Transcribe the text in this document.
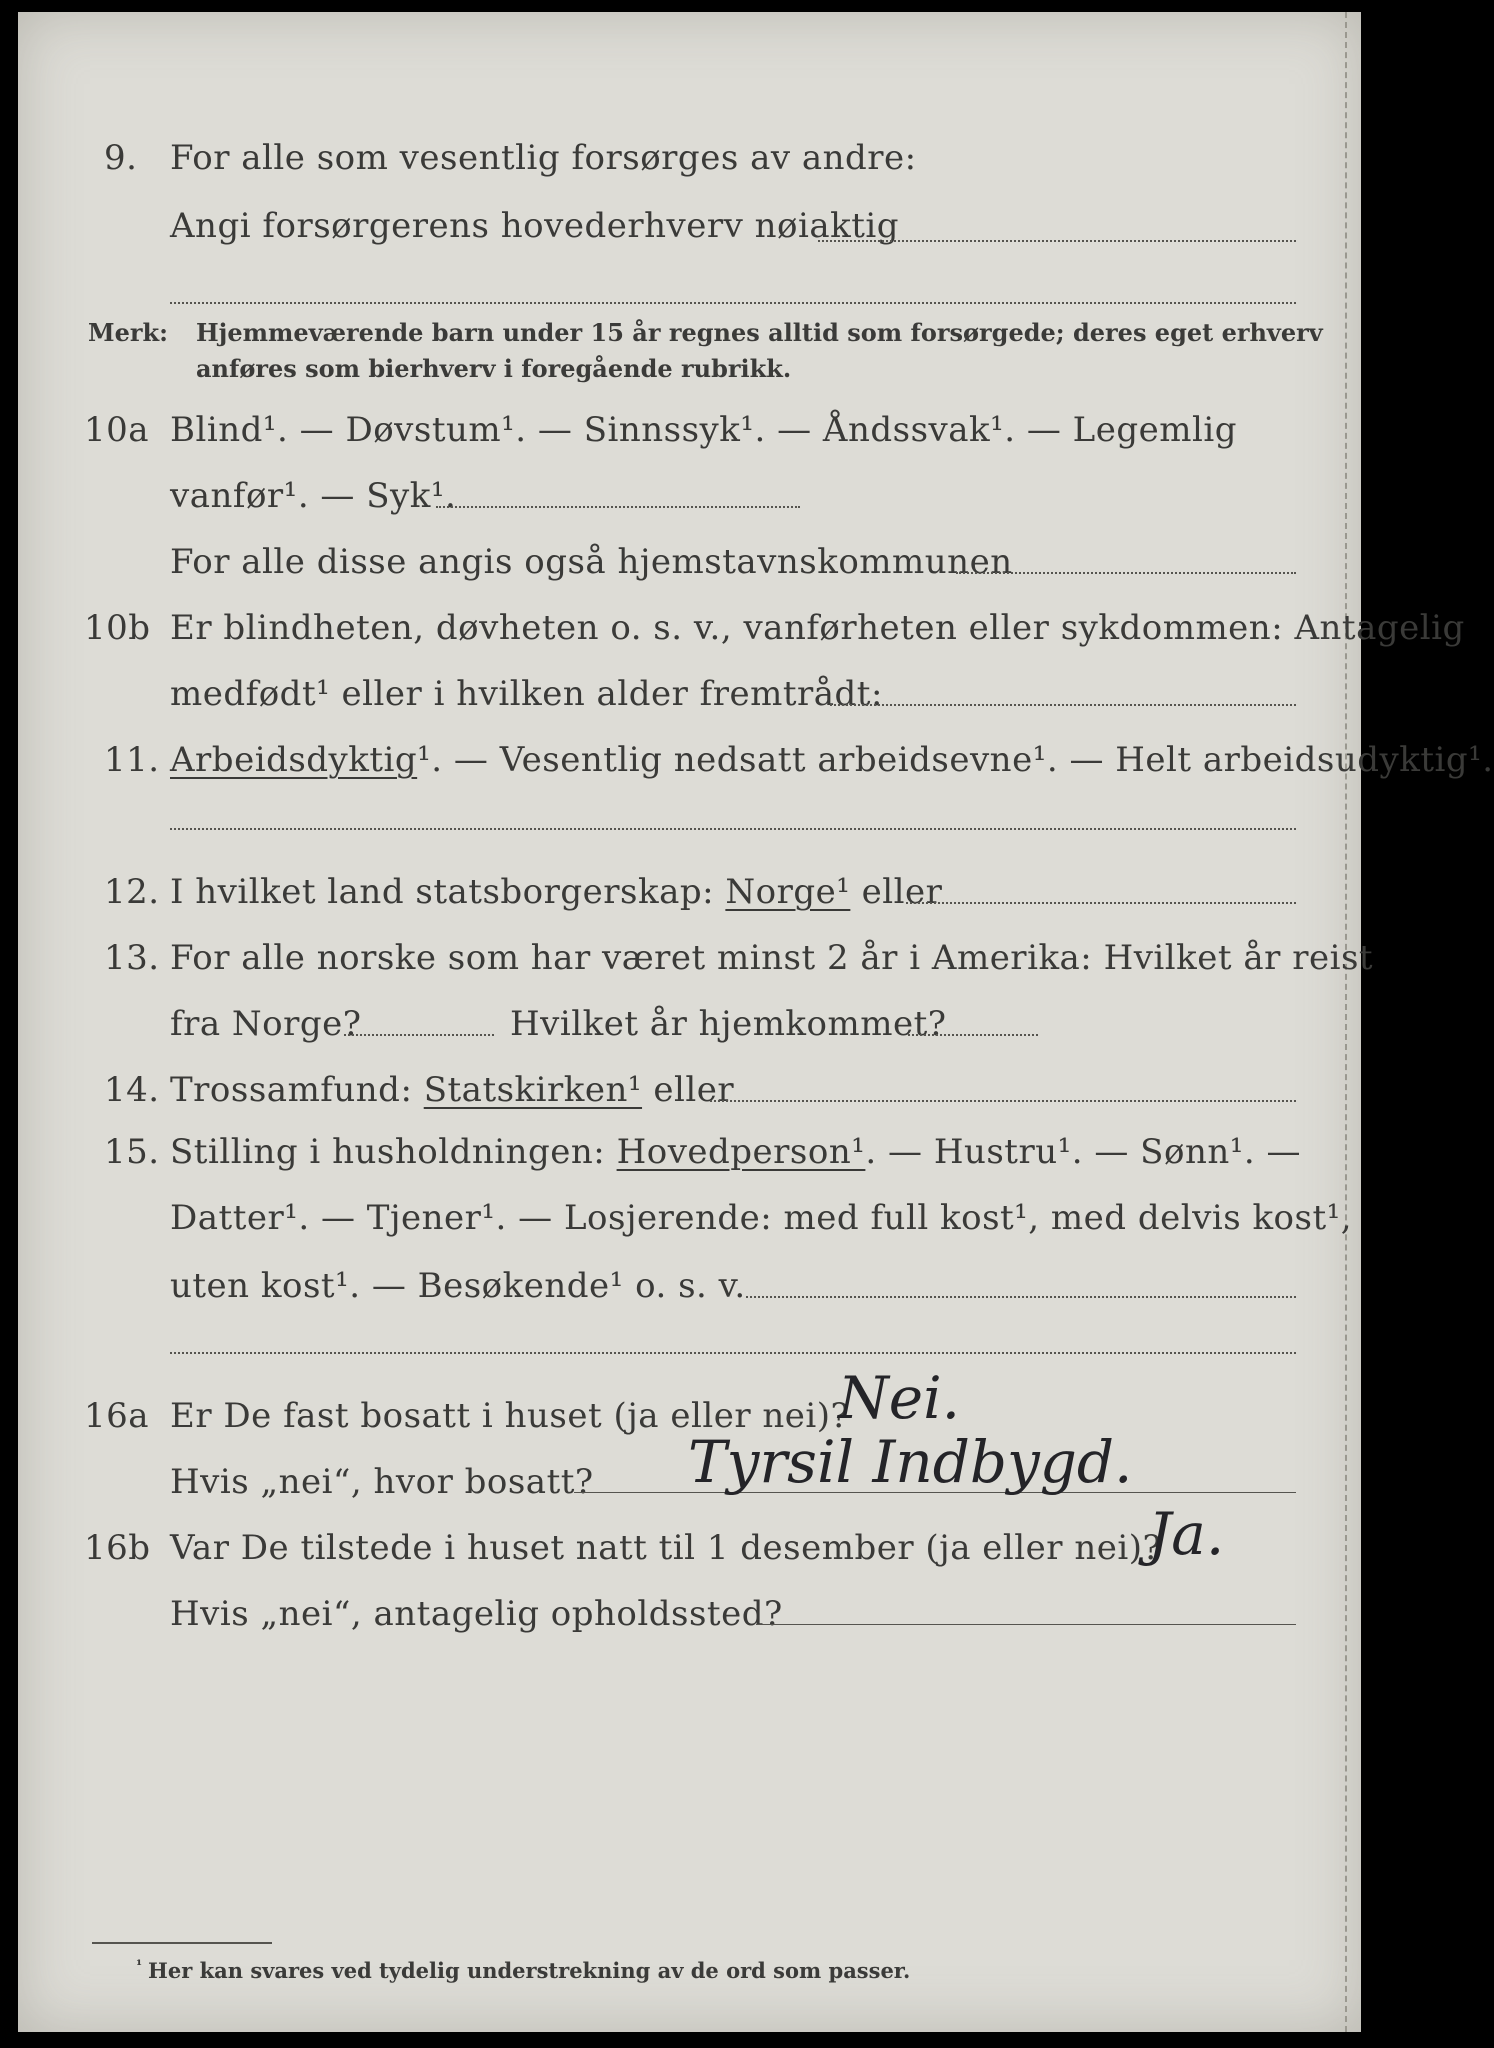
9. For alle som vesentlig forsørges av andre:
Angi forsørgerens hovederhverv nøiaktig
Merk: Hjemmeværende barn under 15 år regnes alltid som forsørgede; deres eget erhverv
anføres som bierhverv i foregående rubrikk.
10a Blind¹. — Døvstum¹. — Sinnssyk¹. — Åndssvak¹. — Legemlig
vanfør¹. — Syk¹.
For alle disse angis også hjemstavnskommunen
10b Er blindheten, døvheten o. s. v., vanførheten eller sykdommen: Antagelig
medfødt¹ eller i hvilken alder fremtrådt:
11. Arbeidsdyktig¹. — Vesentlig nedsatt arbeidsevne¹. — Helt arbeidsudyktig¹.
12. I hvilket land statsborgerskap: Norge¹ eller
13. For alle norske som har været minst 2 år i Amerika: Hvilket år reist
fra Norge?	Hvilket år hjemkommet?
14. Trossamfund: Statskirken¹ eller
15. Stilling i husholdningen: Hovedperson¹. — Hustru¹. — Sønn¹. —
Datter¹. — Tjener¹. — Losjerende: med full kost¹, med delvis kost¹,
uten kost¹. — Besøkende¹ o. s. v.
16a Er De fast bosatt i huset (ja eller nei)?
Nei.
Hvis „nei“, hvor bosatt? Tyrsil Indbygd.
16b Var De tilstede i huset natt til 1 desember (ja eller nei)?
Ja.
Hvis „nei“, antagelig opholdssted?
¹ Her kan svares ved tydelig understrekning av de ord som passer.
